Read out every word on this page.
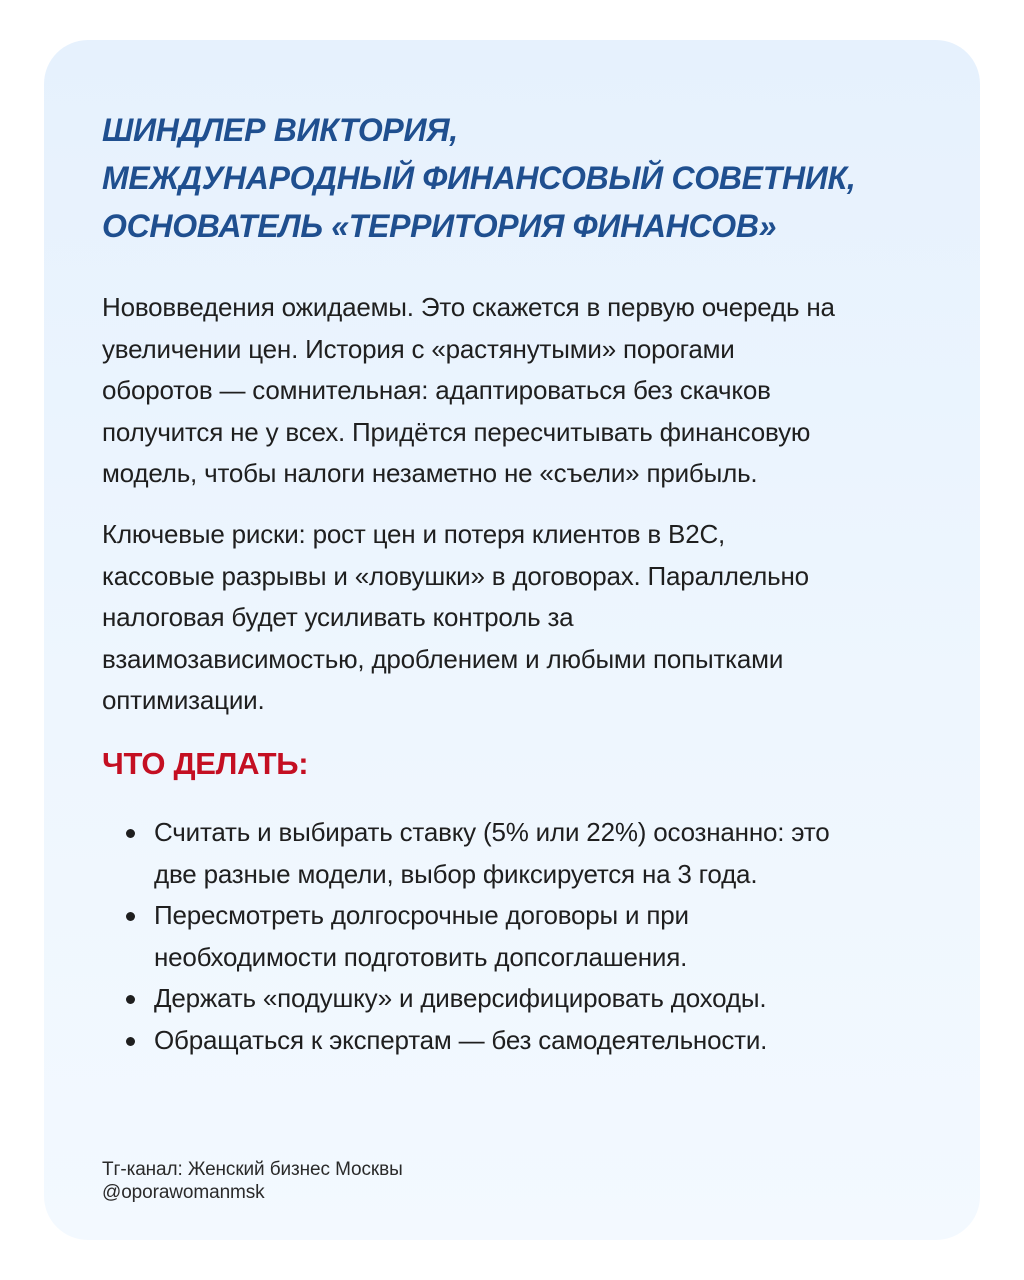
ШИНДЛЕР ВИКТОРИЯ,
МЕЖДУНАРОДНЫЙ ФИНАНСОВЫЙ СОВЕТНИК,
ОСНОВАТЕЛЬ «ТЕРРИТОРИЯ ФИНАНСОВ»

Нововведения ожидаемы. Это скажется в первую очередь на
увеличении цен. История с «растянутыми» порогами
оборотов — сомнительная: адаптироваться без скачков
получится не у всех. Придётся пересчитывать финансовую
модель, чтобы налоги незаметно не «съели» прибыль.

Ключевые риски: рост цен и потеря клиентов в B2C,
кассовые разрывы и «ловушки» в договорах. Параллельно
налоговая будет усиливать контроль за
взаимозависимостью, дроблением и любыми попытками
оптимизации.

ЧТО ДЕЛАТЬ:
Считать и выбирать ставку (5% или 22%) осознанно: это
две разные модели, выбор фиксируется на 3 года.
Пересмотреть долгосрочные договоры и при
необходимости подготовить допсоглашения.
Держать «подушку» и диверсифицировать доходы.
Обращаться к экспертам — без самодеятельности.
Тг-канал: Женский бизнес Москвы
@oporawomanmsk
